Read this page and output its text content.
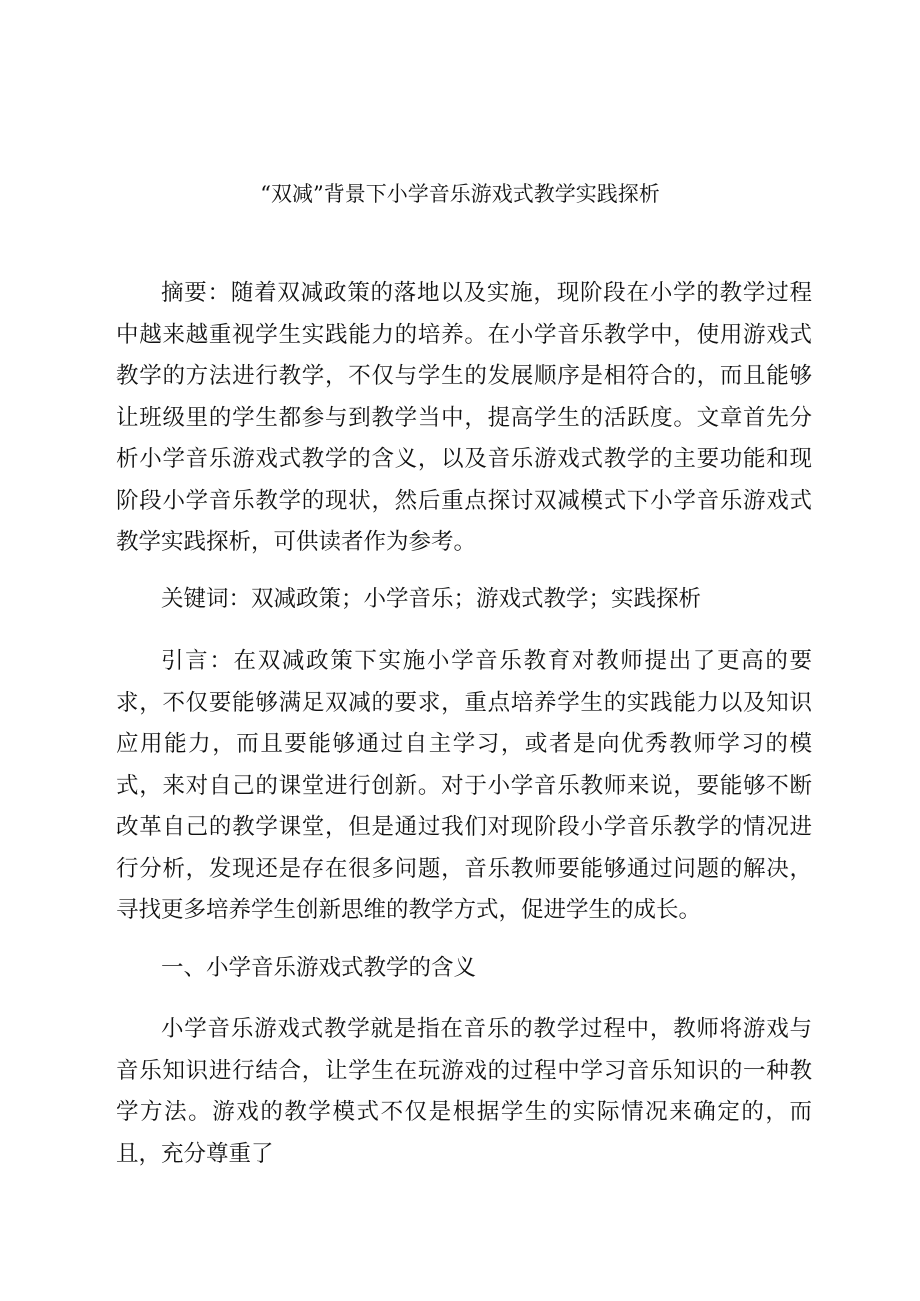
“双减”背景下小学音乐游戏式教学实践探析

摘要：随着双减政策的落地以及实施，现阶段在小学的教学过程中越来越重视学生实践能力的培养。在小学音乐教学中，使用游戏式教学的方法进行教学，不仅与学生的发展顺序是相符合的，而且能够让班级里的学生都参与到教学当中，提高学生的活跃度。文章首先分析小学音乐游戏式教学的含义，以及音乐游戏式教学的主要功能和现阶段小学音乐教学的现状，然后重点探讨双减模式下小学音乐游戏式教学实践探析，可供读者作为参考。

关键词：双减政策；小学音乐；游戏式教学；实践探析

引言：在双减政策下实施小学音乐教育对教师提出了更高的要求，不仅要能够满足双减的要求，重点培养学生的实践能力以及知识应用能力，而且要能够通过自主学习，或者是向优秀教师学习的模式，来对自己的课堂进行创新。对于小学音乐教师来说，要能够不断改革自己的教学课堂，但是通过我们对现阶段小学音乐教学的情况进行分析，发现还是存在很多问题，音乐教师要能够通过问题的解决，寻找更多培养学生创新思维的教学方式，促进学生的成长。

一、小学音乐游戏式教学的含义

小学音乐游戏式教学就是指在音乐的教学过程中，教师将游戏与音乐知识进行结合，让学生在玩游戏的过程中学习音乐知识的一种教学方法。游戏的教学模式不仅是根据学生的实际情况来确定的，而且，充分尊重了
